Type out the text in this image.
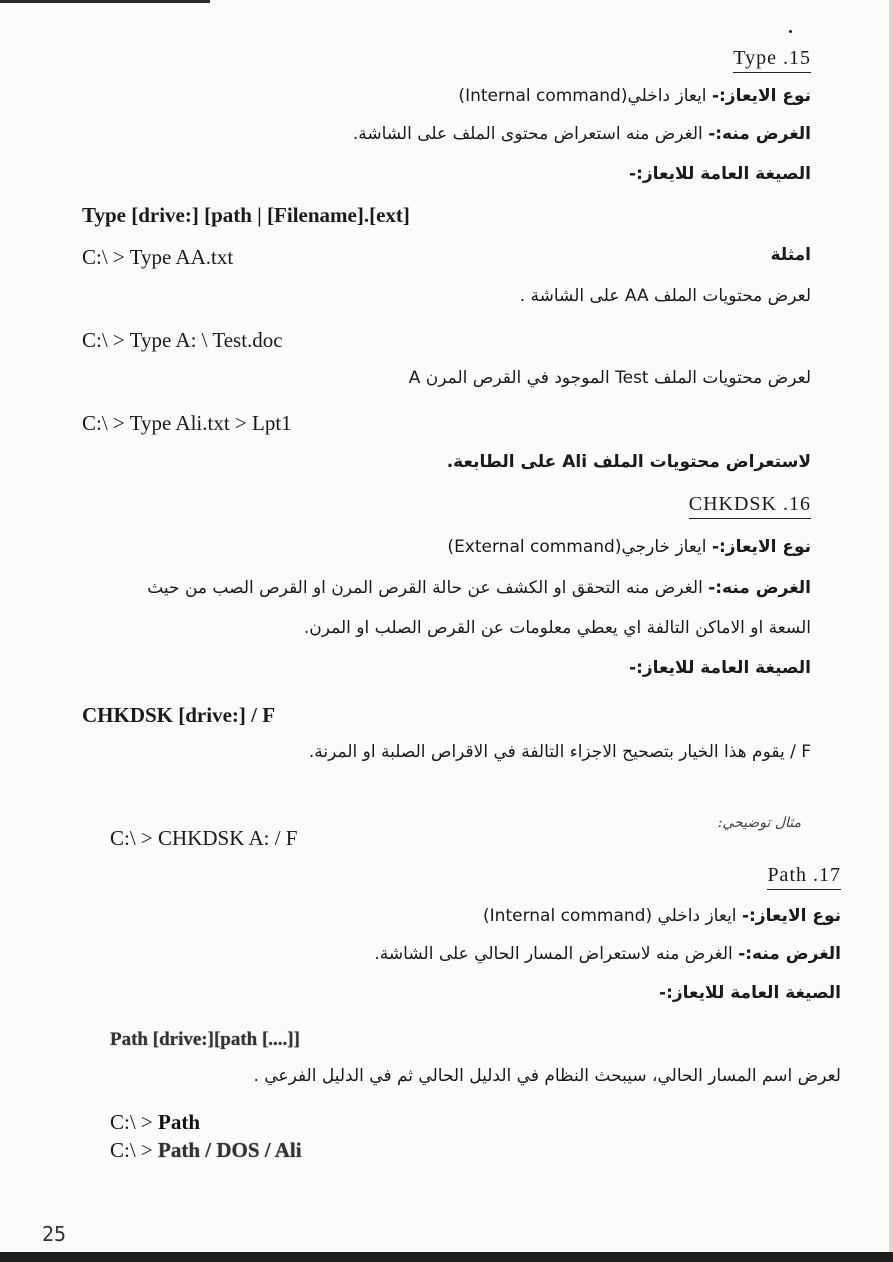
Type .15
نوع الايعاز:- ايعاز داخلي(Internal command)
الغرض منه:- الغرض منه استعراض محتوى الملف على الشاشة.
الصيغة العامة للايعاز:-
Type [drive:] [path | [Filename].[ext]
C:\ > Type AA.txt	امثلة
لعرض محتويات الملف AA على الشاشة .
C:\ > Type A: \ Test.doc
لعرض محتويات الملف Test الموجود في القرص المرن A
C:\ > Type Ali.txt > Lpt1
لاستعراض محتويات الملف Ali على الطابعة.
CHKDSK .16
نوع الايعاز:- ايعاز خارجي(External command)
الغرض منه:- الغرض منه التحقق او الكشف عن حالة القرص المرن او القرص الصب من حيث
السعة او الاماكن التالفة اي يعطي معلومات عن القرص الصلب او المرن.
الصيغة العامة للايعاز:-
CHKDSK [drive:] / F
F / يقوم هذا الخيار بتصحيح الاجزاء التالفة في الاقراص الصلبة او المرنة.
مثال توضيحي:
C:\ > CHKDSK A: / F
Path .17
نوع الايعاز:- ايعاز داخلي (Internal command)
الغرض منه:- الغرض منه لاستعراض المسار الحالي على الشاشة.
الصيغة العامة للايعاز:-
Path [drive:][path [....]]
لعرض اسم المسار الحالي، سيبحث النظام في الدليل الحالي ثم في الدليل الفرعي .
C:\ > Path
C:\ > Path / DOS / Ali
25
